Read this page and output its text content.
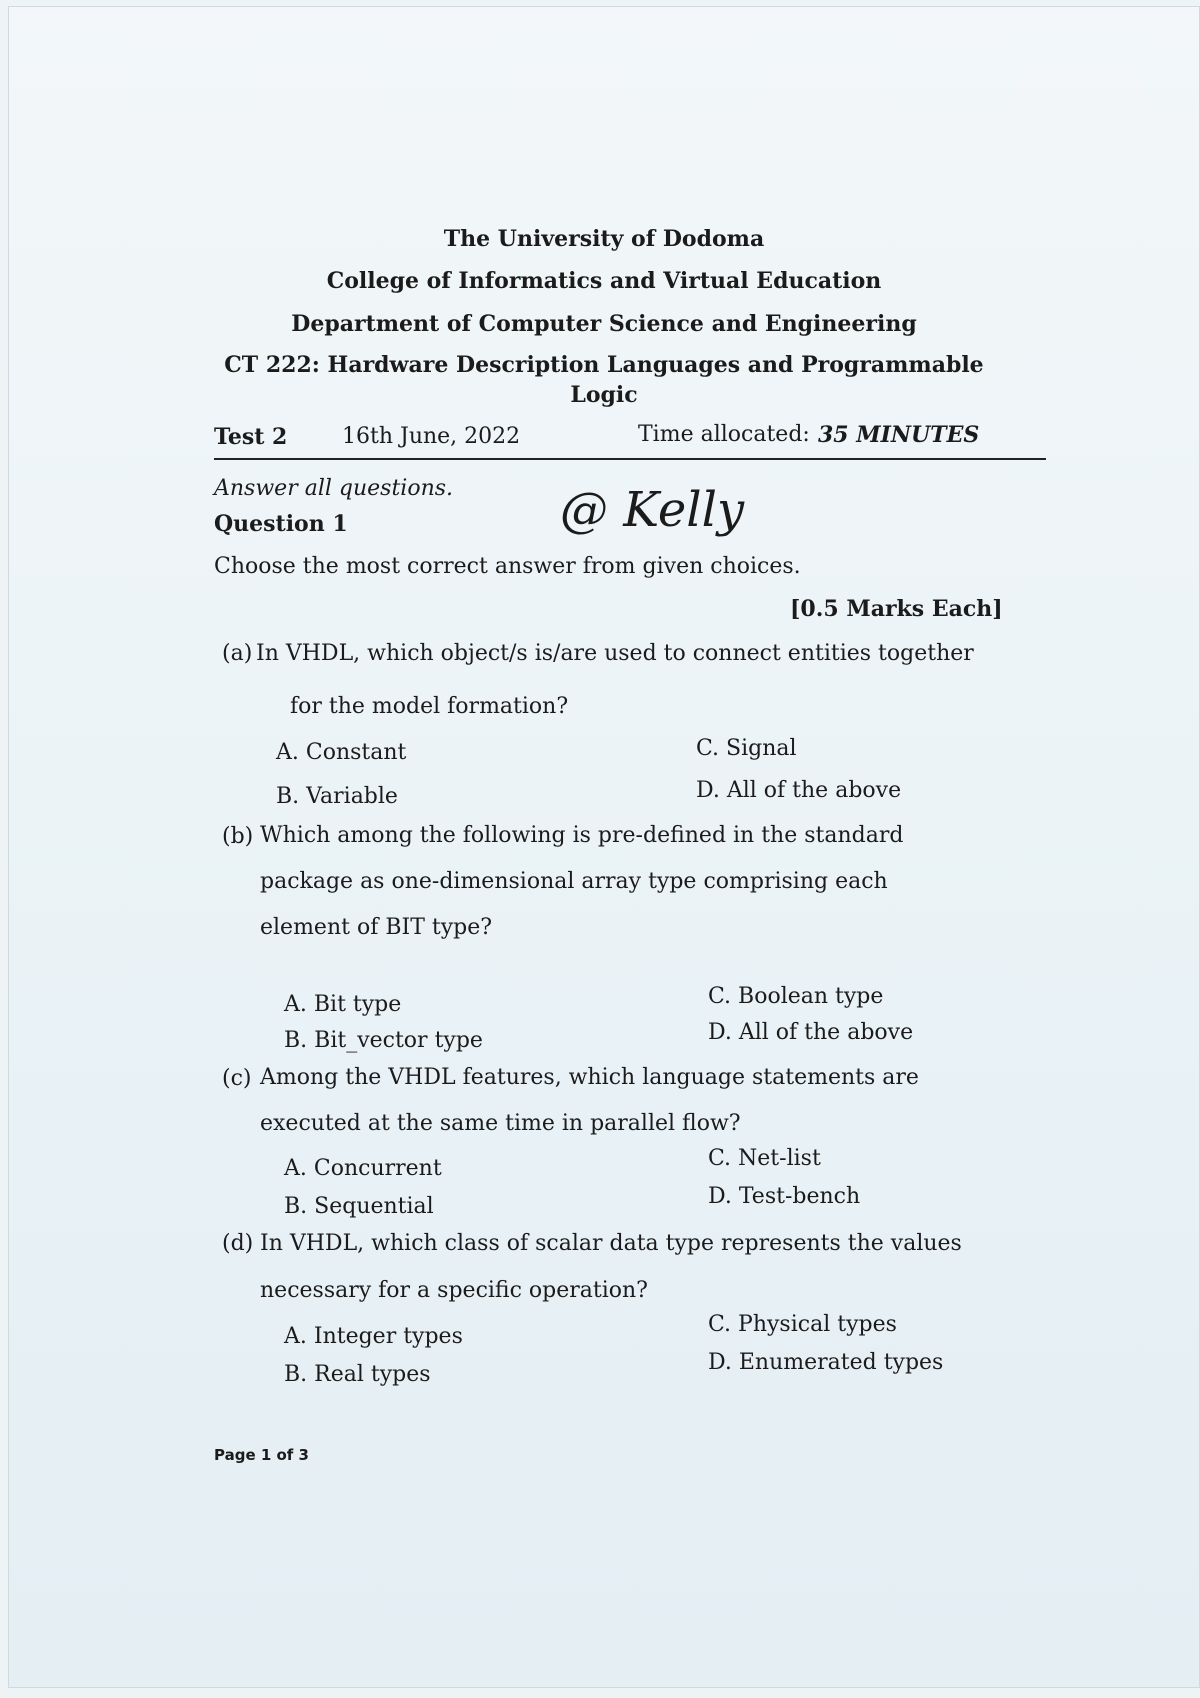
The University of Dodoma
College of Informatics and Virtual Education
Department of Computer Science and Engineering
CT 222: Hardware Description Languages and Programmable
Logic
Test 2 16th June, 2022	Time allocated: 35 MINUTES
Answer all questions.
Question 1	@ Kelly
Choose the most correct answer from given choices.
[0.5 Marks Each]
(a) In VHDL, which object/s is/are used to connect entities together
for the model formation?
A. Constant
B. Variable
C. Signal
D. All of the above
(b) Which among the following is pre-defined in the standard
package as one-dimensional array type comprising each
element of BIT type?
A. Bit type
B. Bit_vector type
C. Boolean type
D. All of the above
(c) Among the VHDL features, which language statements are
executed at the same time in parallel flow?
A. Concurrent
B. Sequential
C. Net-list
D. Test-bench
(d) In VHDL, which class of scalar data type represents the values
necessary for a specific operation?
A. Integer types
B. Real types
C. Physical types
D. Enumerated types
Page 1 of 3
